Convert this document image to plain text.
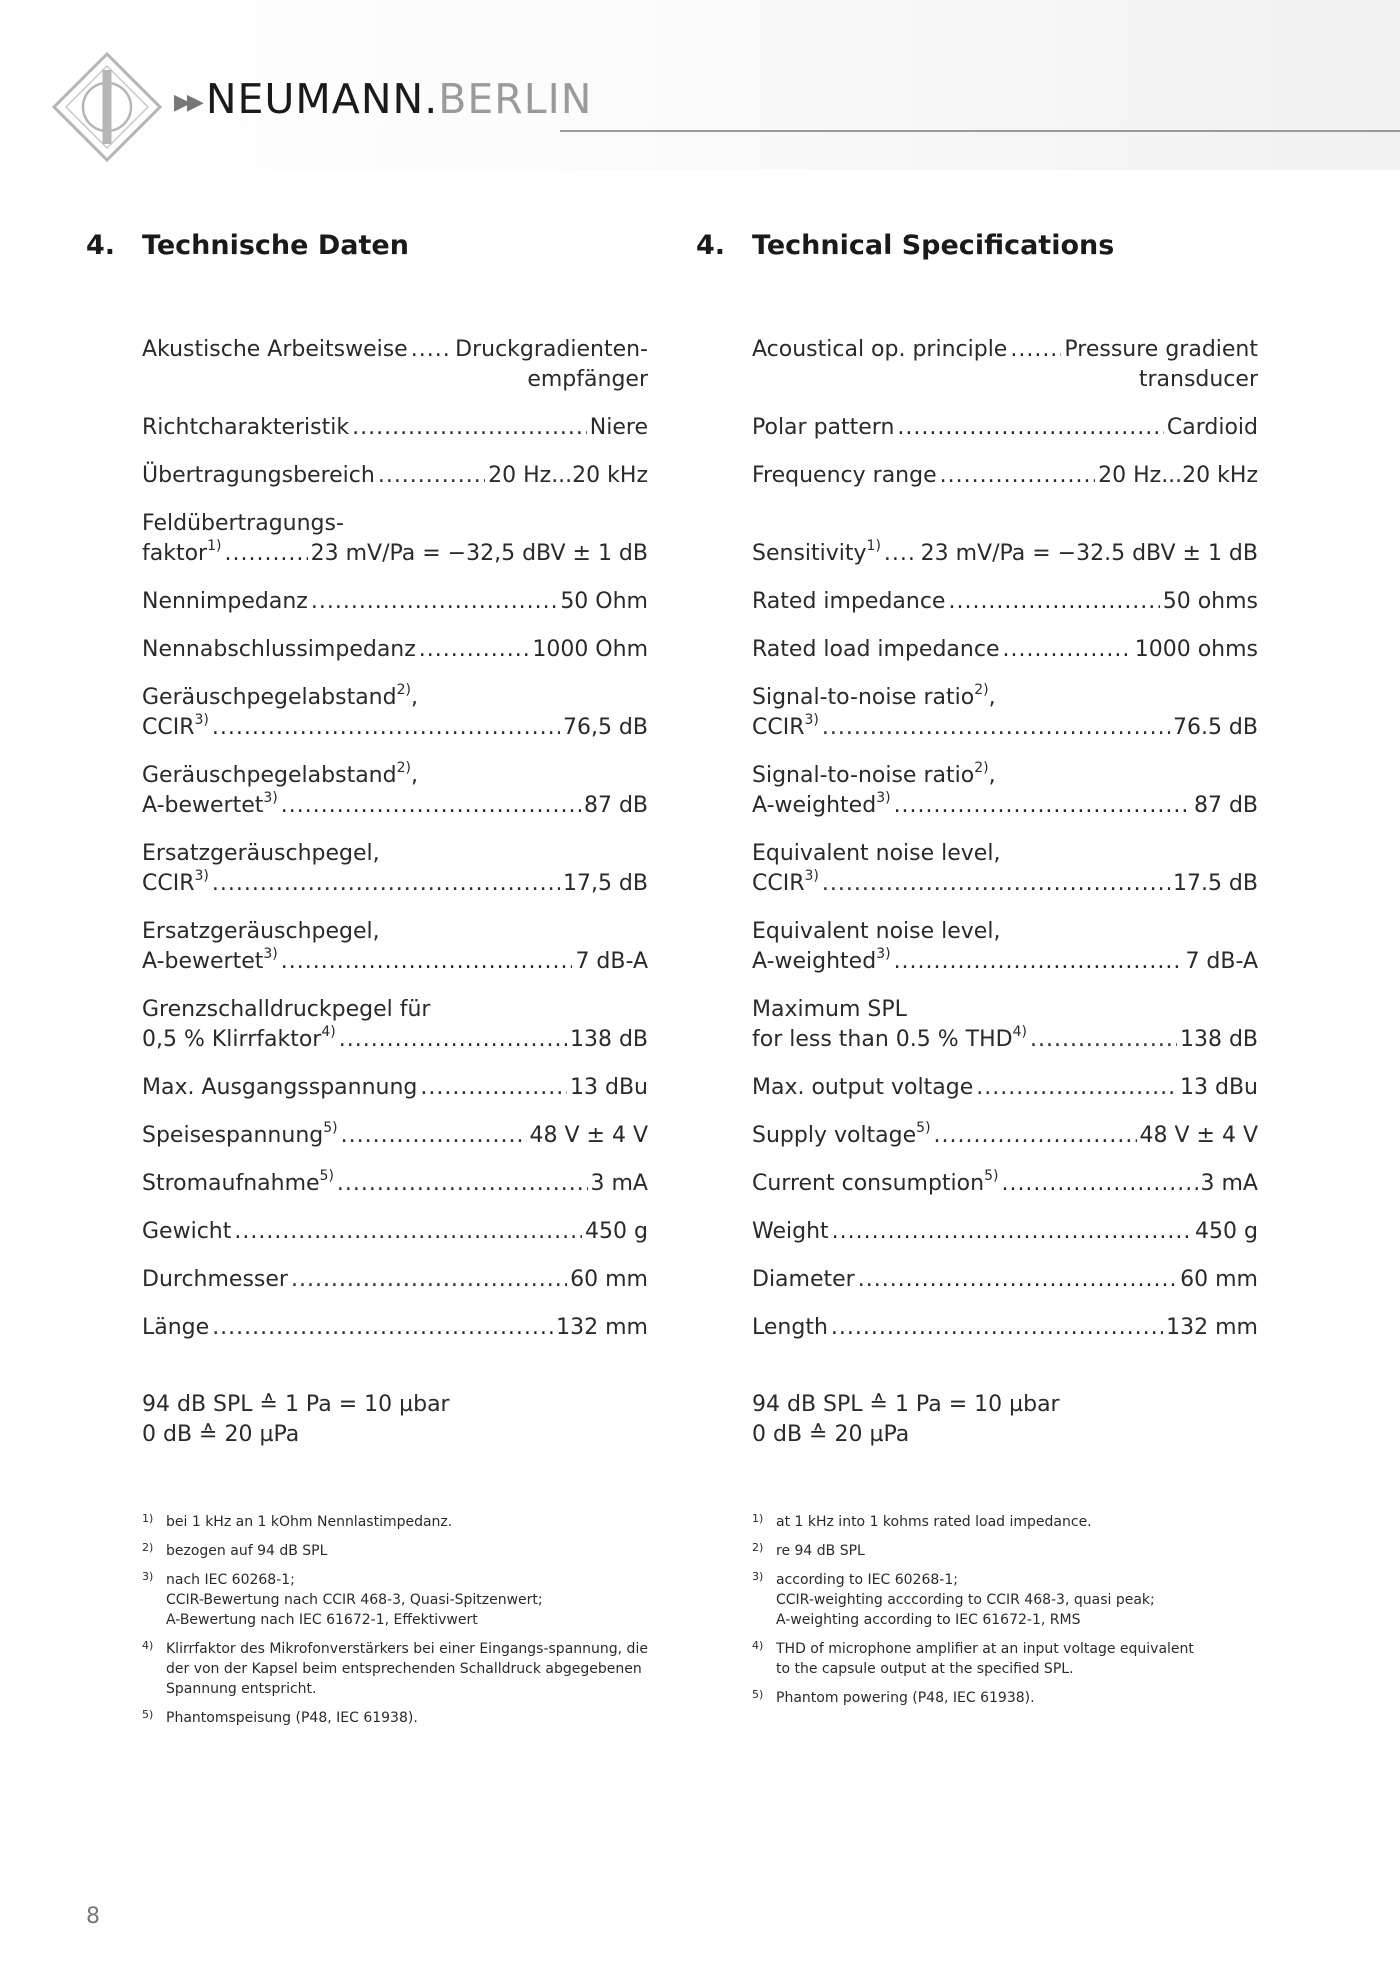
▶▶ NEUMANN.BERLIN
4. Technische Daten
Akustische Arbeitsweise ..... Druckgradienten-
empfänger
Richtcharakteristik .....	Niere
Übertragungsbereich .....	20 Hz...20 kHz
Feldübertragungs-
faktor$^{1)}$ .....	23 mV/Pa = −32,5 dBV ± 1 dB
Nennimpedanz .....	50 Ohm
Nennabschlussimpedanz .....	1000 Ohm
Geräuschpegelabstand$^{2)}$,
CCIR$^{3)}$ .....	76,5 dB
Geräuschpegelabstand$^{2)}$,
A-bewertet$^{3)}$ .....	87 dB
Ersatzgeräuschpegel,
CCIR$^{3)}$ .....	17,5 dB
Ersatzgeräuschpegel,
A-bewertet$^{3)}$ .....	7 dB-A
Grenzschalldruckpegel für
0,5 % Klirrfaktor$^{4)}$ .....	138 dB
Max. Ausgangsspannung .....	13 dBu
Speisespannung$^{5)}$ .....	48 V ± 4 V
Stromaufnahme$^{5)}$ .....	3 mA
Gewicht .....	450 g
Durchmesser .....	60 mm
Länge .....	132 mm
94 dB SPL ≙ 1 Pa = 10 µbar
0 dB ≙ 20 µPa
1) bei 1 kHz an 1 kOhm Nennlastimpedanz.
2) bezogen auf 94 dB SPL
3) nach IEC 60268-1;
CCIR-Bewertung nach CCIR 468-3, Quasi-Spitzenwert;
A-Bewertung nach IEC 61672-1, Effektivwert
4) Klirrfaktor des Mikrofonverstärkers bei einer Eingangs-spannung, die
der von der Kapsel beim entsprechenden Schalldruck abgegebenen
Spannung entspricht.
5) Phantomspeisung (P48, IEC 61938).
4. Technical Specifications
Acoustical op. principle .....	Pressure gradient
transducer
Polar pattern .....	Cardioid
Frequency range .....	20 Hz...20 kHz
Sensitivity$^{1)}$ ..... 23 mV/Pa = −32.5 dBV ± 1 dB
Rated impedance .....	50 ohms
Rated load impedance .....	1000 ohms
Signal-to-noise ratio$^{2)}$,
CCIR$^{3)}$ .....	76.5 dB
Signal-to-noise ratio$^{2)}$,
A-weighted$^{3)}$ .....	87 dB
Equivalent noise level,
CCIR$^{3)}$ .....	17.5 dB
Equivalent noise level,
A-weighted$^{3)}$ .....	7 dB-A
Maximum SPL
for less than 0.5 % THD$^{4)}$ .....	138 dB
Max. output voltage .....	13 dBu
Supply voltage$^{5)}$ .....	48 V ± 4 V
Current consumption$^{5)}$ .....	3 mA
Weight .....	450 g
Diameter .....	60 mm
Length .....	132 mm
94 dB SPL ≙ 1 Pa = 10 µbar
0 dB ≙ 20 µPa
1) at 1 kHz into 1 kohms rated load impedance.
2) re 94 dB SPL
3) according to IEC 60268-1;
CCIR-weighting acccording to CCIR 468-3, quasi peak;
A-weighting according to IEC 61672-1, RMS
4) THD of microphone amplifier at an input voltage equivalent
to the capsule output at the specified SPL.
5) Phantom powering (P48, IEC 61938).
8
